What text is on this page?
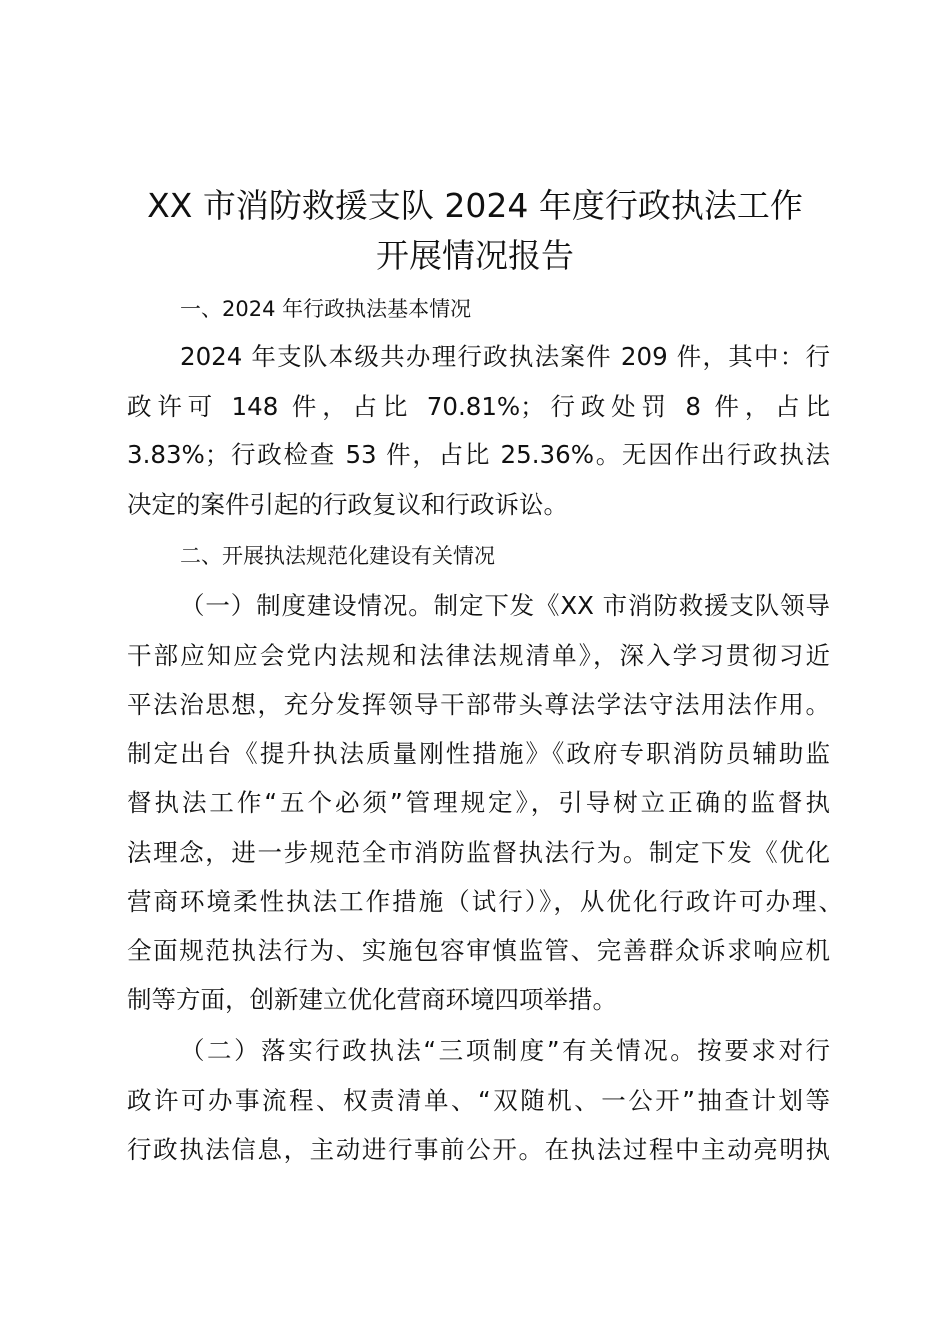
XX 市消防救援支队 2024 年度行政执法工作
开展情况报告
一、2024 年行政执法基本情况
2024 年支队本级共办理行政执法案件 209 件，其中：行
政许可 148 件，占比 70.81%；行政处罚 8 件，占比
3.83%；行政检查 53 件，占比 25.36%。无因作出行政执法
决定的案件引起的行政复议和行政诉讼。
二、开展执法规范化建设有关情况
（一）制度建设情况。制定下发《XX 市消防救援支队领导
干部应知应会党内法规和法律法规清单》，深入学习贯彻习近
平法治思想，充分发挥领导干部带头尊法学法守法用法作用。
制定出台《提升执法质量刚性措施》《政府专职消防员辅助监
督执法工作“五个必须”管理规定》，引导树立正确的监督执
法理念，进一步规范全市消防监督执法行为。制定下发《优化
营商环境柔性执法工作措施（试行）》，从优化行政许可办理、
全面规范执法行为、实施包容审慎监管、完善群众诉求响应机
制等方面，创新建立优化营商环境四项举措。
（二）落实行政执法“三项制度”有关情况。按要求对行
政许可办事流程、权责清单、“双随机、一公开”抽查计划等
行政执法信息，主动进行事前公开。在执法过程中主动亮明执
